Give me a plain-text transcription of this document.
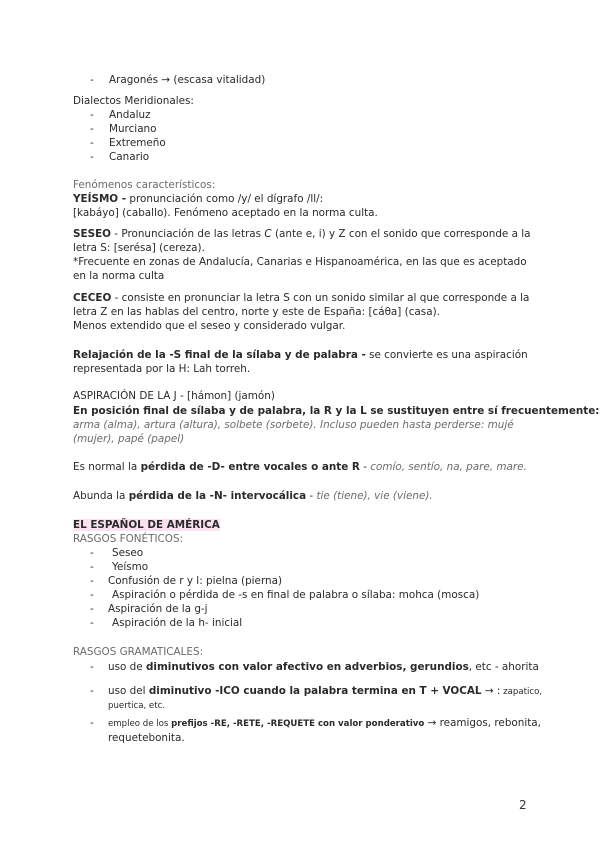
- Aragonés → (escasa vitalidad)
Dialectos Meridionales:
- Andaluz
- Murciano
- Extremeño
- Canario
Fenómenos característicos:
YEÍSMO - pronunciación como /y/ el dígrafo /ll/:
[kabáyo] (caballo). Fenómeno aceptado en la norma culta.
SESEO - Pronunciación de las letras C (ante e, i) y Z con el sonido que corresponde a la letra S: [serésa] (cereza).
*Frecuente en zonas de Andalucía, Canarias e Hispanoamérica, en las que es aceptado en la norma culta
CECEO - consiste en pronunciar la letra S con un sonido similar al que corresponde a la letra Z en las hablas del centro, norte y este de España: [cáθa] (casa).
Menos extendido que el seseo y considerado vulgar.
Relajación de la -S final de la sílaba y de palabra - se convierte es una aspiración representada por la H: Lah torreh.
ASPIRACIÓN DE LA J - [hámon] (jamón)
En posición final de sílaba y de palabra, la R y la L se sustituyen entre sí frecuentemente:
arma (alma), artura (altura), solbete (sorbete). Incluso pueden hasta perderse: mujé (mujer), papé (papel)
Es normal la pérdida de -D- entre vocales o ante R - comío, sentío, na, pare, mare.
Abunda la pérdida de la -N- intervocálica - tie (tiene), vie (viene).
EL ESPAÑOL DE AMÉRICA
RASGOS FONÉTICOS:
- Seseo
- Yeísmo
- Confusión de r y l: pielna (pierna)
- Aspiración o pérdida de -s en final de palabra o sílaba: mohca (mosca)
- Aspiración de la g-j
- Aspiración de la h- inicial
RASGOS GRAMATICALES:
- uso de diminutivos con valor afectivo en adverbios, gerundios, etc - ahorita
- uso del diminutivo -ICO cuando la palabra termina en T + VOCAL → : zapatico,
puertica, etc.
- empleo de los prefijos -RE, -RETE, -REQUETE con valor ponderativo → reamigos, rebonita,
requetebonita.
2
